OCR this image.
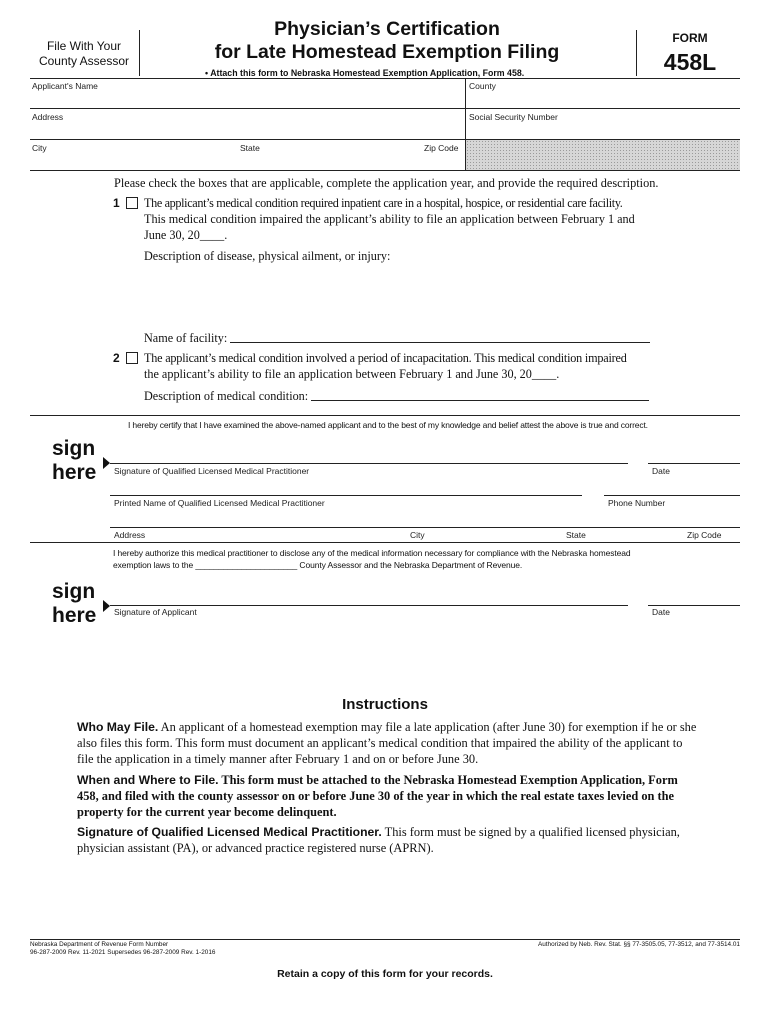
File With Your
County Assessor
Physician’s Certification
for Late Homestead Exemption Filing
• Attach this form to Nebraska Homestead Exemption Application, Form 458.
FORM
458L
Applicant's Name	County
Address	Social Security Number
City	State	Zip Code
Please check the boxes that are applicable, complete the application year, and provide the required description.
1 The applicant’s medical condition required inpatient care in a hospital, hospice, or residential care facility.
This medical condition impaired the applicant’s ability to file an application between February 1 and
June 30, 20____.
Description of disease, physical ailment, or injury:
Name of facility:
2 The applicant’s medical condition involved a period of incapacitation. This medical condition impaired
the applicant’s ability to file an application between February 1 and June 30, 20____.
Description of medical condition:
I hereby certify that I have examined the above-named applicant and to the best of my knowledge and belief attest the above is true and correct.
sign
here Signature of Qualified Licensed Medical Practitioner	Date
Printed Name of Qualified Licensed Medical Practitioner	Phone Number
Address	City	State	Zip Code
I hereby authorize this medical practitioner to disclose any of the medical information necessary for compliance with the Nebraska homestead
exemption laws to the ______________________ County Assessor and the Nebraska Department of Revenue.
sign
here Signature of Applicant	Date
Instructions
Who May File. An applicant of a homestead exemption may file a late application (after June 30) for exemption if he or she also files this form. This form must document an applicant’s medical condition that impaired the ability of the applicant to file the application in a timely manner after February 1 and on or before June 30.
When and Where to File. This form must be attached to the Nebraska Homestead Exemption Application, Form 458, and filed with the county assessor on or before June 30 of the year in which the real estate taxes levied on the property for the current year become delinquent.
Signature of Qualified Licensed Medical Practitioner. This form must be signed by a qualified licensed physician, physician assistant (PA), or advanced practice registered nurse (APRN).
Nebraska Department of Revenue Form Number
96-287-2009 Rev. 11-2021 Supersedes 96-287-2009 Rev. 1-2016
Authorized by Neb. Rev. Stat. §§ 77-3505.05, 77-3512, and 77-3514.01
Retain a copy of this form for your records.
